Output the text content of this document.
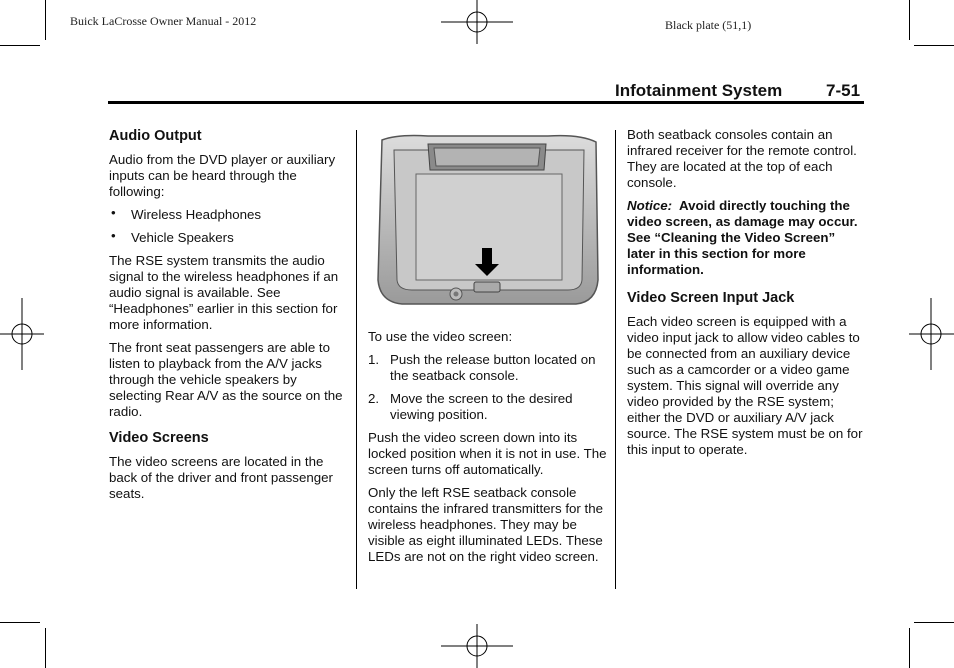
Buick LaCrosse Owner Manual - 2012	Black plate (51,1)
Infotainment System	7-51
Audio Output

Audio from the DVD player or auxiliary inputs can be heard through the following:

• Wireless Headphones
• Vehicle Speakers

The RSE system transmits the audio signal to the wireless headphones if an audio signal is available. See “Headphones” earlier in this section for more information.

The front seat passengers are able to listen to playback from the A/V jacks through the vehicle speakers by selecting Rear A/V as the source on the radio.

Video Screens

The video screens are located in the back of the driver and front passenger seats.

To use the video screen:

1. Push the release button located on the seatback console.
2. Move the screen to the desired viewing position.

Push the video screen down into its locked position when it is not in use. The screen turns off automatically.

Only the left RSE seatback console contains the infrared transmitters for the wireless headphones. They may be visible as eight illuminated LEDs. These LEDs are not on the right video screen.

Both seatback consoles contain an infrared receiver for the remote control. They are located at the top of each console.

Notice: Avoid directly touching the video screen, as damage may occur. See “Cleaning the Video Screen” later in this section for more information.

Video Screen Input Jack

Each video screen is equipped with a video input jack to allow video cables to be connected from an auxiliary device such as a camcorder or a video game system. This signal will override any video provided by the RSE system; either the DVD or auxiliary A/V jack source. The RSE system must be on for this input to operate.
